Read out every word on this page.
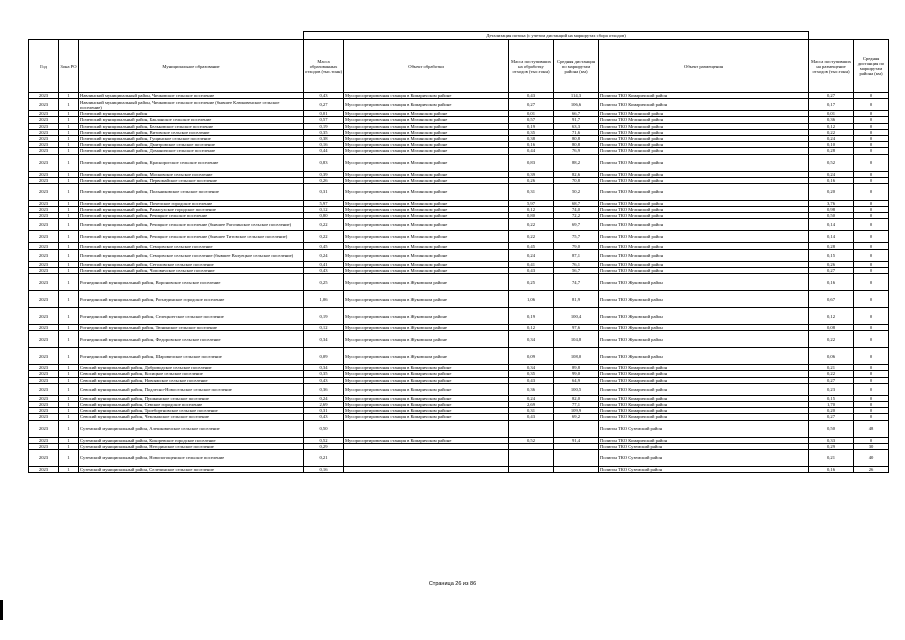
			Детализация потока (с учетом дистанций на маршрутах сбора отходов)						
Год	Зона РО	Муниципальное образование	Масса образованных отходов (тыс.тонн)	Объект обработки	Масса поступивших на обработку отходов (тыс.тонн)	Средняя дистанция по маршрутам района (км)	Объект размещения	Масса поступивших на размещение отходов (тыс.тонн)	Средняя дистанция по маршрутам района (км)
2023	1	Навлинский муниципальный район, Чичковское сельское поселение	0,43	Мусоросортировочная станция в Комаричском районе	0,43	114,3	Полигон ТКО Комаричский район	0,27	0
2023	1	Навлинский муниципальный район, Чичковское сельское поселение (бывшее Клюковенское сельское поселение)	0,27	Мусоросортировочная станция в Комаричском районе	0,27	106,6	Полигон ТКО Комаричский район	0,17	0
2023	1	Почепский муниципальный район	0,01	Мусоросортировочная станция в Мглинском районе	0,01	66,7	Полигон ТКО Мглинский район	0,01	0
2023	1	Почепский муниципальный район, Бакланское сельское поселение	0,57	Мусоросортировочная станция в Мглинском районе	0,57	91,7	Полигон ТКО Мглинский район	0,36	0
2023	1	Почепский муниципальный район, Бельковское сельское поселение	0,19	Мусоросортировочная станция в Мглинском районе	0,19	63,3	Полигон ТКО Мглинский район	0,12	0
2023	1	Почепский муниципальный район, Витовское сельское поселение	0,35	Мусоросортировочная станция в Мглинском районе	0,35	71,6	Полигон ТКО Мглинский район	0,22	0
2023	1	Почепский муниципальный район, Гущинское сельское поселение	0,38	Мусоросортировочная станция в Мглинском районе	0,38	80,8	Полигон ТКО Мглинский район	0,24	0
2023	1	Почепский муниципальный район, Дмитровское сельское поселение	0,16	Мусоросортировочная станция в Мглинском районе	0,16	80,8	Полигон ТКО Мглинский район	0,10	0
2023	1	Почепский муниципальный район, Доманичское сельское поселение	0,44	Мусоросортировочная станция в Мглинском районе	0,44	76,9	Полигон ТКО Мглинский район	0,28	0
2023	1	Почепский муниципальный район, Краснорогское сельское поселение	0,83	Мусоросортировочная станция в Мглинском районе	0,83	88,2	Полигон ТКО Мглинский район	0,52	0
2023	1	Почепский муниципальный район, Московское сельское поселение	0,39	Мусоросортировочная станция в Мглинском районе	0,39	82,6	Полигон ТКО Мглинский район	0,24	0
2023	1	Почепский муниципальный район, Первомайское сельское поселение	0,26	Мусоросортировочная станция в Мглинском районе	0,26	70,8	Полигон ТКО Мглинский район	0,16	0
2023	1	Почепский муниципальный район, Польниковское сельское поселение	0,31	Мусоросортировочная станция в Мглинском районе	0,31	50,2	Полигон ТКО Мглинский район	0,20	0
2023	1	Почепский муниципальный район, Почепское городское поселение	5,97	Мусоросортировочная станция в Мглинском районе	5,97	68,7	Полигон ТКО Мглинский район	3,76	0
2023	1	Почепский муниципальный район, Рамасухское городское поселение	0,12	Мусоросортировочная станция в Мглинском районе	0,12	74,0	Полигон ТКО Мглинский район	0,98	0
2023	1	Почепский муниципальный район, Речицкое сельское поселение	0,80	Мусоросортировочная станция в Мглинском районе	0,80	72,2	Полигон ТКО Мглинский район	0,50	0
2023	1	Почепский муниципальный район, Речицкое сельское поселение (бывшее Рагозинское сельское поселение)	0,22	Мусоросортировочная станция в Мглинском районе	0,22	69,7	Полигон ТКО Мглинский район	0,14	0
2023	1	Почепский муниципальный район, Речицкое сельское поселение (бывшее Титовское сельское поселение)	0,22	Мусоросортировочная станция в Мглинском районе	0,22	75,7	Полигон ТКО Мглинский район	0,14	0
2023	1	Почепский муниципальный район, Семцовское сельское поселение	0,45	Мусоросортировочная станция в Мглинском районе	0,45	79,0	Полигон ТКО Мглинский район	0,28	0
2023	1	Почепский муниципальный район, Семцовское сельское поселение (бывшее Валуецкое сельское поселение)	0,24	Мусоросортировочная станция в Мглинском районе	0,24	87,1	Полигон ТКО Мглинский район	0,15	0
2023	1	Почепский муниципальный район, Сетоловское сельское поселение	0,41	Мусоросортировочная станция в Мглинском районе	0,41	76,1	Полигон ТКО Мглинский район	0,26	0
2023	1	Почепский муниципальный район, Чоповичское сельское поселение	0,43	Мусоросортировочная станция в Мглинском районе	0,43	56,7	Полигон ТКО Мглинский район	0,27	0
2023	1	Рогнединский муниципальный район, Вороновское сельское поселение	0,25	Мусоросортировочная станция в Жуковском районе	0,25	74,7	Полигон ТКО Жуковский район	0,16	0
2023	1	Рогнединский муниципальный район, Рогнединское городское поселение	1,06	Мусоросортировочная станция в Жуковском районе	1,06	81,9	Полигон ТКО Жуковский район	0,67	0
2023	1	Рогнединский муниципальный район, Селецкоегское сельское поселение	0,19	Мусоросортировочная станция в Жуковском районе	0,19	100,4	Полигон ТКО Жуковский район	0,12	0
2023	1	Рогнединский муниципальный район, Тюнинское сельское поселение	0,12	Мусоросортировочная станция в Жуковском районе	0,12	97,6	Полигон ТКО Жуковский район	0,08	0
2023	1	Рогнединский муниципальный район, Федоровское сельское поселение	0,34	Мусоросортировочная станция в Жуковском районе	0,34	104,8	Полигон ТКО Жуковский район	0,22	0
2023	1	Рогнединский муниципальный район, Шаровичское сельское поселение	0,09	Мусоросортировочная станция в Жуковском районе	0,09	108,0	Полигон ТКО Жуковский район	0,06	0
2023	1	Севский муниципальный район, Доброводское сельское поселение	0,34	Мусоросортировочная станция в Комаричском районе	0,34	89,8	Полигон ТКО Комаричский район	0,21	0
2023	1	Севский муниципальный район, Косицкое сельское поселение	0,35	Мусоросортировочная станция в Комаричском районе	0,35	99,0	Полигон ТКО Комаричский район	0,22	0
2023	1	Севский муниципальный район, Новоямское сельское поселение	0,43	Мусоросортировочная станция в Комаричском районе	0,43	64,9	Полигон ТКО Комаричский район	0,27	0
2023	1	Севский муниципальный район, Подлесно-Новосельское сельское поселение	0,36	Мусоросортировочная станция в Комаричском районе	0,36	100,5	Полигон ТКО Комаричский район	0,23	0
2023	1	Севский муниципальный район, Пушкинское сельское поселение	0,24	Мусоросортировочная станция в Комаричском районе	0,24	82,0	Полигон ТКО Комаричский район	0,15	0
2023	1	Севский муниципальный район, Севское городское поселение	2,69	Мусоросортировочная станция в Комаричском районе	2,69	77,1	Полигон ТКО Комаричский район	1,70	0
2023	1	Севский муниципальный район, Троебортновское сельское поселение	0,31	Мусоросортировочная станция в Комаричском районе	0,31	109,9	Полигон ТКО Комаричский район	0,20	0
2023	1	Севский муниципальный район, Чемлыжское сельское поселение	0,43	Мусоросортировочная станция в Комаричском районе	0,43	69,2	Полигон ТКО Комаричский район	0,27	0
2023	1	Суземский муниципальный район, Алешковичское сельское поселение	0,50				Полигон ТКО Суземский район	0,50	48
2023	1	Суземский муниципальный район, Кокоревское городское поселение	0,52	Мусоросортировочная станция в Комаричском районе	0,52	91,4	Полигон ТКО Комаричский район	0,33	0
2023	1	Суземский муниципальный район, Негодинское сельское поселение	0,29				Полигон ТКО Суземский район	0,29	30
2023	1	Суземский муниципальный район, Новопогощенское сельское поселение	0,21				Полигон ТКО Суземский район	0,21	40
2023	1	Суземский муниципальный район, Селечинское сельское поселение	0,16				Полигон ТКО Суземский район	0,16	26
Страница 26 из 86
